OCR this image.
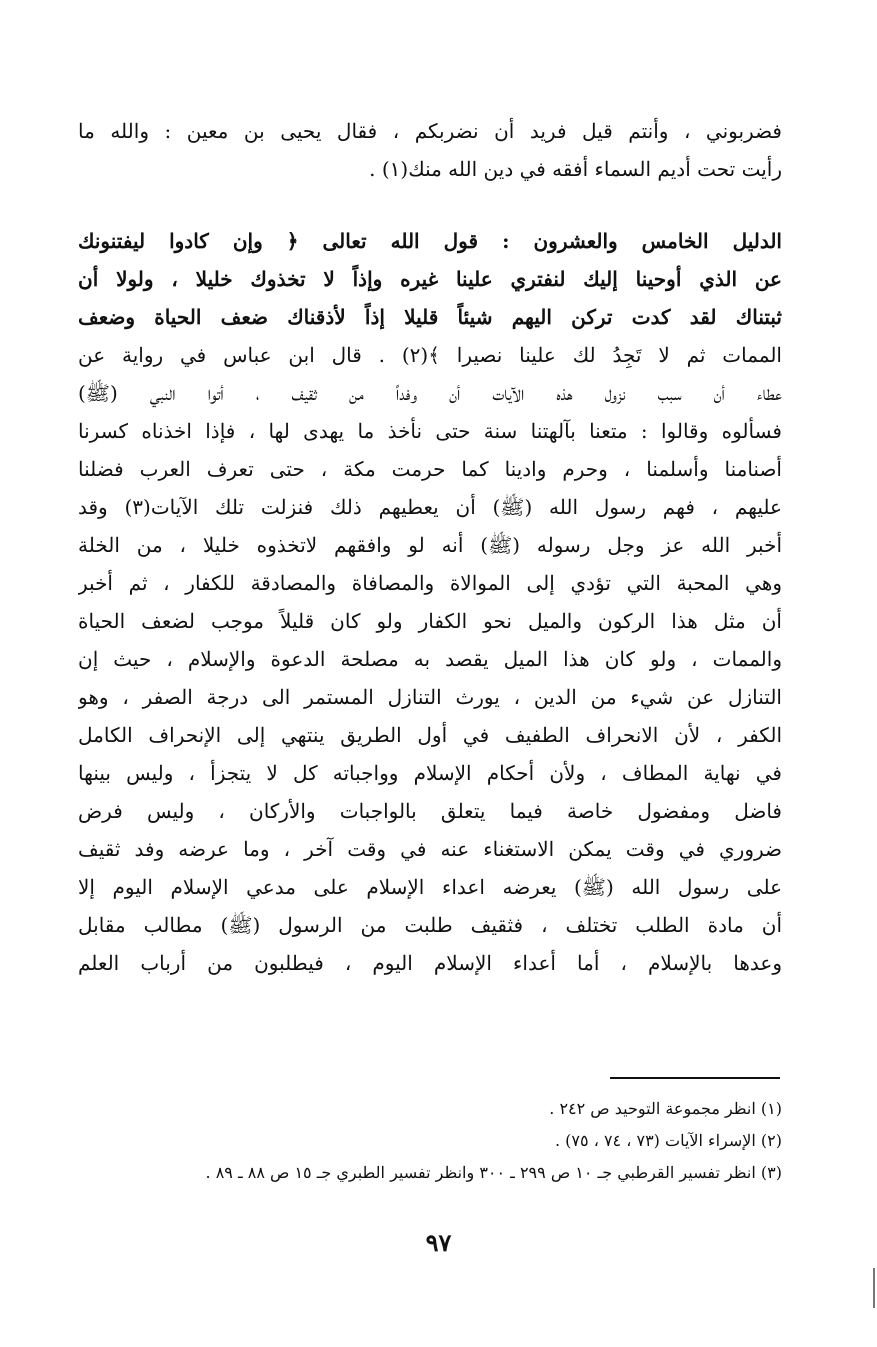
فضربوني ، وأنتم قيل فريد أن نضربكم ، فقال يحيى بن معين : والله ما
رأيت تحت أديم السماء أفقه في دين الله منك(١) .
الدليل الخامس والعشرون : قول الله تعالى ﴿ وإن كادوا ليفتنونك
عن الذي أوحينا إليك لنفتري علينا غيره وإذاً لا تخذوك خليلا ، ولولا أن
ثبتناك لقد كدت تركن اليهم شيئاً قليلا إذاً لأذقناك ضعف الحياة وضعف
الممات ثم لا تَجِدُ لك علينا نصيرا ﴾(٢) . قال ابن عباس في رواية عن
عطاء أن سبب نزول هذه الآيات أن وفداً من ثقيف ، أتوا النبي (ﷺ)
فسألوه وقالوا : متعنا بآلهتنا سنة حتى نأخذ ما يهدى لها ، فإذا اخذناه كسرنا
أصنامنا وأسلمنا ، وحرم وادينا كما حرمت مكة ، حتى تعرف العرب فضلنا
عليهم ، فهم رسول الله (ﷺ) أن يعطيهم ذلك فنزلت تلك الآيات(٣) وقد
أخبر الله عز وجل رسوله (ﷺ) أنه لو وافقهم لاتخذوه خليلا ، من الخلة
وهي المحبة التي تؤدي إلى الموالاة والمصافاة والمصادقة للكفار ، ثم أخبر
أن مثل هذا الركون والميل نحو الكفار ولو كان قليلاً موجب لضعف الحياة
والممات ، ولو كان هذا الميل يقصد به مصلحة الدعوة والإسلام ، حيث إن
التنازل عن شيء من الدين ، يورث التنازل المستمر الى درجة الصفر ، وهو
الكفر ، لأن الانحراف الطفيف في أول الطريق ينتهي إلى الإنحراف الكامل
في نهاية المطاف ، ولأن أحكام الإسلام وواجباته كل لا يتجزأ ، وليس بينها
فاضل ومفضول خاصة فيما يتعلق بالواجبات والأركان ، وليس فرض
ضروري في وقت يمكن الاستغناء عنه في وقت آخر ، وما عرضه وفد ثقيف
على رسول الله (ﷺ) يعرضه اعداء الإسلام على مدعي الإسلام اليوم إلا
أن مادة الطلب تختلف ، فثقيف طلبت من الرسول (ﷺ) مطالب مقابل
وعدها بالإسلام ، أما أعداء الإسلام اليوم ، فيطلبون من أرباب العلم
(١) انظر مجموعة التوحيد ص ٢٤٢ .
(٢) الإسراء الآيات (٧٣ ، ٧٤ ، ٧٥) .
(٣) انظر تفسير القرطبي جـ ١٠ ص ٢٩٩ ـ ٣٠٠ وانظر تفسير الطبري جـ ١٥ ص ٨٨ ـ ٨٩ .
٩٧
